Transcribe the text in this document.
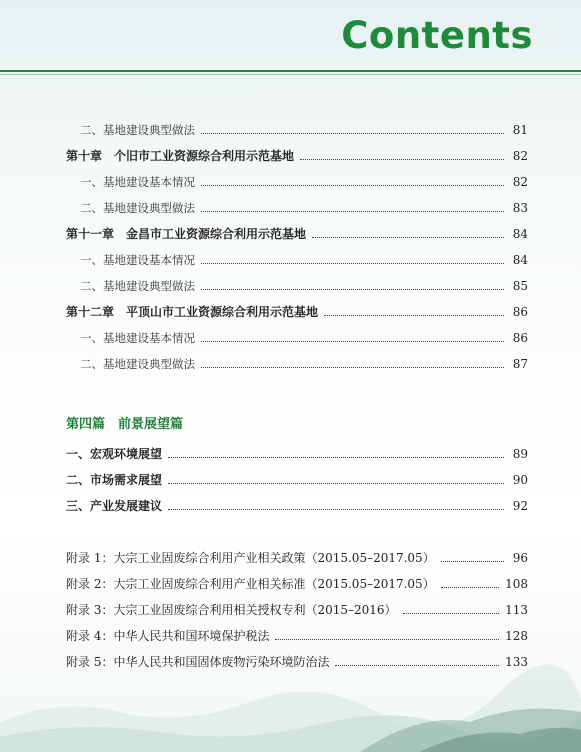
Contents
二、基地建设典型做法	81
第十章　个旧市工业资源综合利用示范基地	82
一、基地建设基本情况	82
二、基地建设典型做法	83
第十一章　金昌市工业资源综合利用示范基地	84
一、基地建设基本情况	84
二、基地建设典型做法	85
第十二章　平顶山市工业资源综合利用示范基地	86
一、基地建设基本情况	86
二、基地建设典型做法	87
第四篇　前景展望篇
一、宏观环境展望	89
二、市场需求展望	90
三、产业发展建议	92
附录 1：大宗工业固废综合利用产业相关政策（2015.05–2017.05）	96
附录 2：大宗工业固废综合利用产业相关标准（2015.05–2017.05）	108
附录 3：大宗工业固废综合利用相关授权专利（2015–2016）	113
附录 4：中华人民共和国环境保护税法	128
附录 5：中华人民共和国固体废物污染环境防治法	133
